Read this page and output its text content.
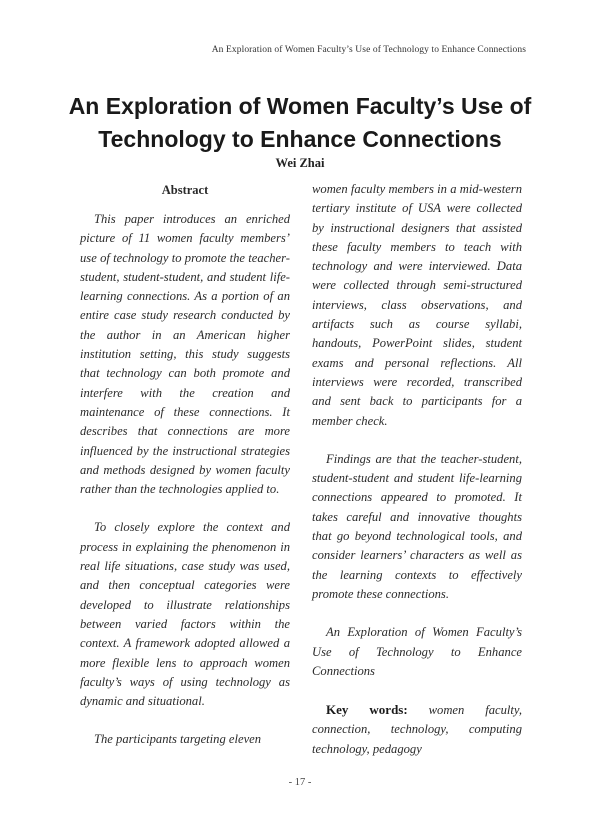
An Exploration of Women Faculty’s Use of Technology to Enhance Connections
An Exploration of Women Faculty’s Use of
Technology to Enhance Connections
Wei Zhai
Abstract

This paper introduces an enriched picture of 11 women faculty members’ use of technology to promote the teacher-student, student-student, and student life-learning connections. As a portion of an entire case study research conducted by the author in an American higher institution setting, this study suggests that technology can both promote and interfere with the creation and maintenance of these connections. It describes that connections are more influenced by the instructional strategies and methods designed by women faculty rather than the technologies applied to.

To closely explore the context and process in explaining the phenomenon in real life situations, case study was used, and then conceptual categories were developed to illustrate relationships between varied factors within the context. A framework adopted allowed a more flexible lens to approach women faculty’s ways of using technology as dynamic and situational.

The participants targeting eleven

women faculty members in a mid-western tertiary institute of USA were collected by instructional designers that assisted these faculty members to teach with technology and were interviewed. Data were collected through semi-structured interviews, class observations, and artifacts such as course syllabi, handouts, PowerPoint slides, student exams and personal reflections. All interviews were recorded, transcribed and sent back to participants for a member check.

Findings are that the teacher-student, student-student and student life-learning connections appeared to promoted. It takes careful and innovative thoughts that go beyond technological tools, and consider learners’ characters as well as the learning contexts to effectively promote these connections.

An Exploration of Women Faculty’s Use of Technology to Enhance Connections

Key words: women faculty, connection, technology, computing technology, pedagogy

- 17 -
